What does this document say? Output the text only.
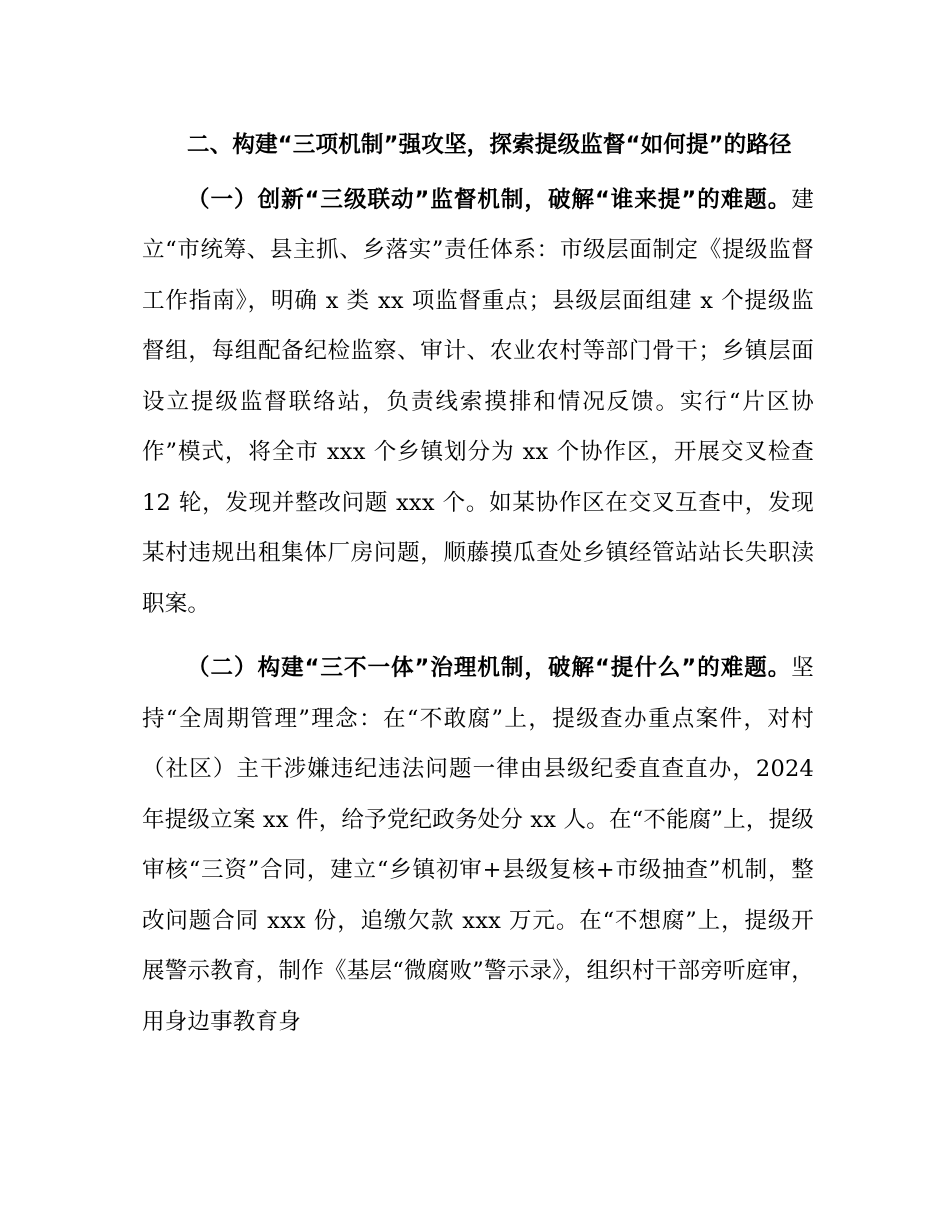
二、构建“三项机制”强攻坚，探索提级监督“如何提”的路径

（一）创新“三级联动”监督机制，破解“谁来提”的难题。建立“市统筹、县主抓、乡落实”责任体系：市级层面制定《提级监督工作指南》，明确 x 类 xx 项监督重点；县级层面组建 x 个提级监督组，每组配备纪检监察、审计、农业农村等部门骨干；乡镇层面设立提级监督联络站，负责线索摸排和情况反馈。实行“片区协作”模式，将全市 xxx 个乡镇划分为 xx 个协作区，开展交叉检查 12 轮，发现并整改问题 xxx 个。如某协作区在交叉互查中，发现某村违规出租集体厂房问题，顺藤摸瓜查处乡镇经管站站长失职渎职案。

（二）构建“三不一体”治理机制，破解“提什么”的难题。坚持“全周期管理”理念：在“不敢腐”上，提级查办重点案件，对村（社区）主干涉嫌违纪违法问题一律由县级纪委直查直办，2024 年提级立案 xx 件，给予党纪政务处分 xx 人。在“不能腐”上，提级审核“三资”合同，建立“乡镇初审+县级复核+市级抽查”机制，整改问题合同 xxx 份，追缴欠款 xxx 万元。在“不想腐”上，提级开展警示教育，制作《基层“微腐败”警示录》，组织村干部旁听庭审，用身边事教育身
